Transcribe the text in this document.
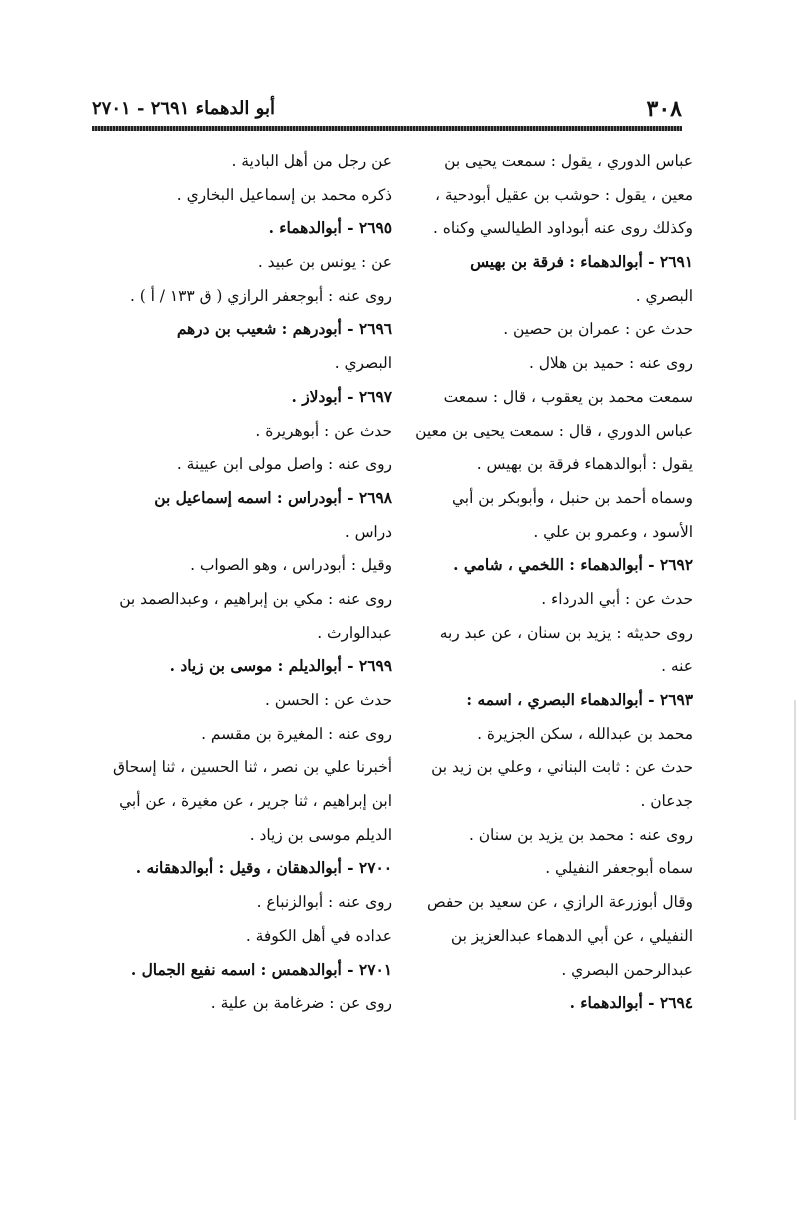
٣٠٨
أبو الدهماء ٢٦٩١ - ٢٧٠١
عباس الدوري ، يقول : سمعت يحيى بن
معين ، يقول : حوشب بن عقيل أبودحية ،
وكذلك روى عنه أبوداود الطيالسي وكناه .
٢٦٩١ - أبوالدهماء : فرقة بن بهيس
البصري .
حدث عن : عمران بن حصين .
روى عنه : حميد بن هلال .
سمعت محمد بن يعقوب ، قال : سمعت
عباس الدوري ، قال : سمعت يحيى بن معين
يقول : أبوالدهماء فرقة بن بهيس .
وسماه أحمد بن حنبل ، وأبوبكر بن أبي
الأسود ، وعمرو بن علي .
٢٦٩٢ - أبوالدهماء : اللخمي ، شامي .
حدث عن : أبي الدرداء .
روى حديثه : يزيد بن سنان ، عن عبد ربه
عنه .
٢٦٩٣ - أبوالدهماء البصري ، اسمه :
محمد بن عبدالله ، سكن الجزيرة .
حدث عن : ثابت البناني ، وعلي بن زيد بن
جدعان .
روى عنه : محمد بن يزيد بن سنان .
سماه أبوجعفر النفيلي .
وقال أبوزرعة الرازي ، عن سعيد بن حفص
النفيلي ، عن أبي الدهماء عبدالعزيز بن
عبدالرحمن البصري .
٢٦٩٤ - أبوالدهماء .
عن رجل من أهل البادية .
ذكره محمد بن إسماعيل البخاري .
٢٦٩٥ - أبوالدهماء .
عن : يونس بن عبيد .
روى عنه : أبوجعفر الرازي ( ق ١٣٣ / أ ) .
٢٦٩٦ - أبودرهم : شعيب بن درهم
البصري .
٢٦٩٧ - أبودلاز .
حدث عن : أبوهريرة .
روى عنه : واصل مولى ابن عيينة .
٢٦٩٨ - أبودراس : اسمه إسماعيل بن
دراس .
وقيل : أبودراس ، وهو الصواب .
روى عنه : مكي بن إبراهيم ، وعبدالصمد بن
عبدالوارث .
٢٦٩٩ - أبوالديلم : موسى بن زياد .
حدث عن : الحسن .
روى عنه : المغيرة بن مقسم .
أخبرنا علي بن نصر ، ثنا الحسين ، ثنا إسحاق
ابن إبراهيم ، ثنا جرير ، عن مغيرة ، عن أبي
الديلم موسى بن زياد .
٢٧٠٠ - أبوالدهقان ، وقيل : أبوالدهقانه .
روى عنه : أبوالزنباع .
عداده في أهل الكوفة .
٢٧٠١ - أبوالدهمس : اسمه نفيع الجمال .
روى عن : ضرغامة بن علية .
